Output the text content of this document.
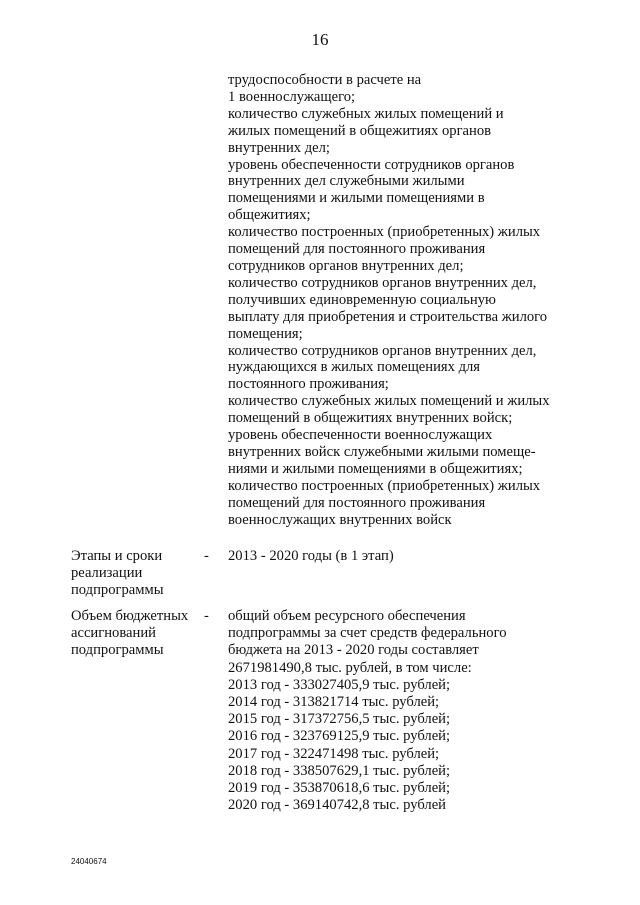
16
трудоспособности в расчете на
1 военнослужащего;
количество служебных жилых помещений и
жилых помещений в общежитиях органов
внутренних дел;
уровень обеспеченности сотрудников органов
внутренних дел служебными жилыми
помещениями и жилыми помещениями в
общежитиях;
количество построенных (приобретенных) жилых
помещений для постоянного проживания
сотрудников органов внутренних дел;
количество сотрудников органов внутренних дел,
получивших единовременную социальную
выплату для приобретения и строительства жилого
помещения;
количество сотрудников органов внутренних дел,
нуждающихся в жилых помещениях для
постоянного проживания;
количество служебных жилых помещений и жилых
помещений в общежитиях внутренних войск;
уровень обеспеченности военнослужащих
внутренних войск служебными жилыми помеще-
ниями и жилыми помещениями в общежитиях;
количество построенных (приобретенных) жилых
помещений для постоянного проживания
военнослужащих внутренних войск
Этапы и сроки
реализации
подпрограммы
- 2013 - 2020 годы (в 1 этап)
Объем бюджетных
ассигнований
подпрограммы
- общий объем ресурсного обеспечения
подпрограммы за счет средств федерального
бюджета на 2013 - 2020 годы составляет
2671981490,8 тыс. рублей, в том числе:
2013 год - 333027405,9 тыс. рублей;
2014 год - 313821714 тыс. рублей;
2015 год - 317372756,5 тыс. рублей;
2016 год - 323769125,9 тыс. рублей;
2017 год - 322471498 тыс. рублей;
2018 год - 338507629,1 тыс. рублей;
2019 год - 353870618,6 тыс. рублей;
2020 год - 369140742,8 тыс. рублей
24040674
